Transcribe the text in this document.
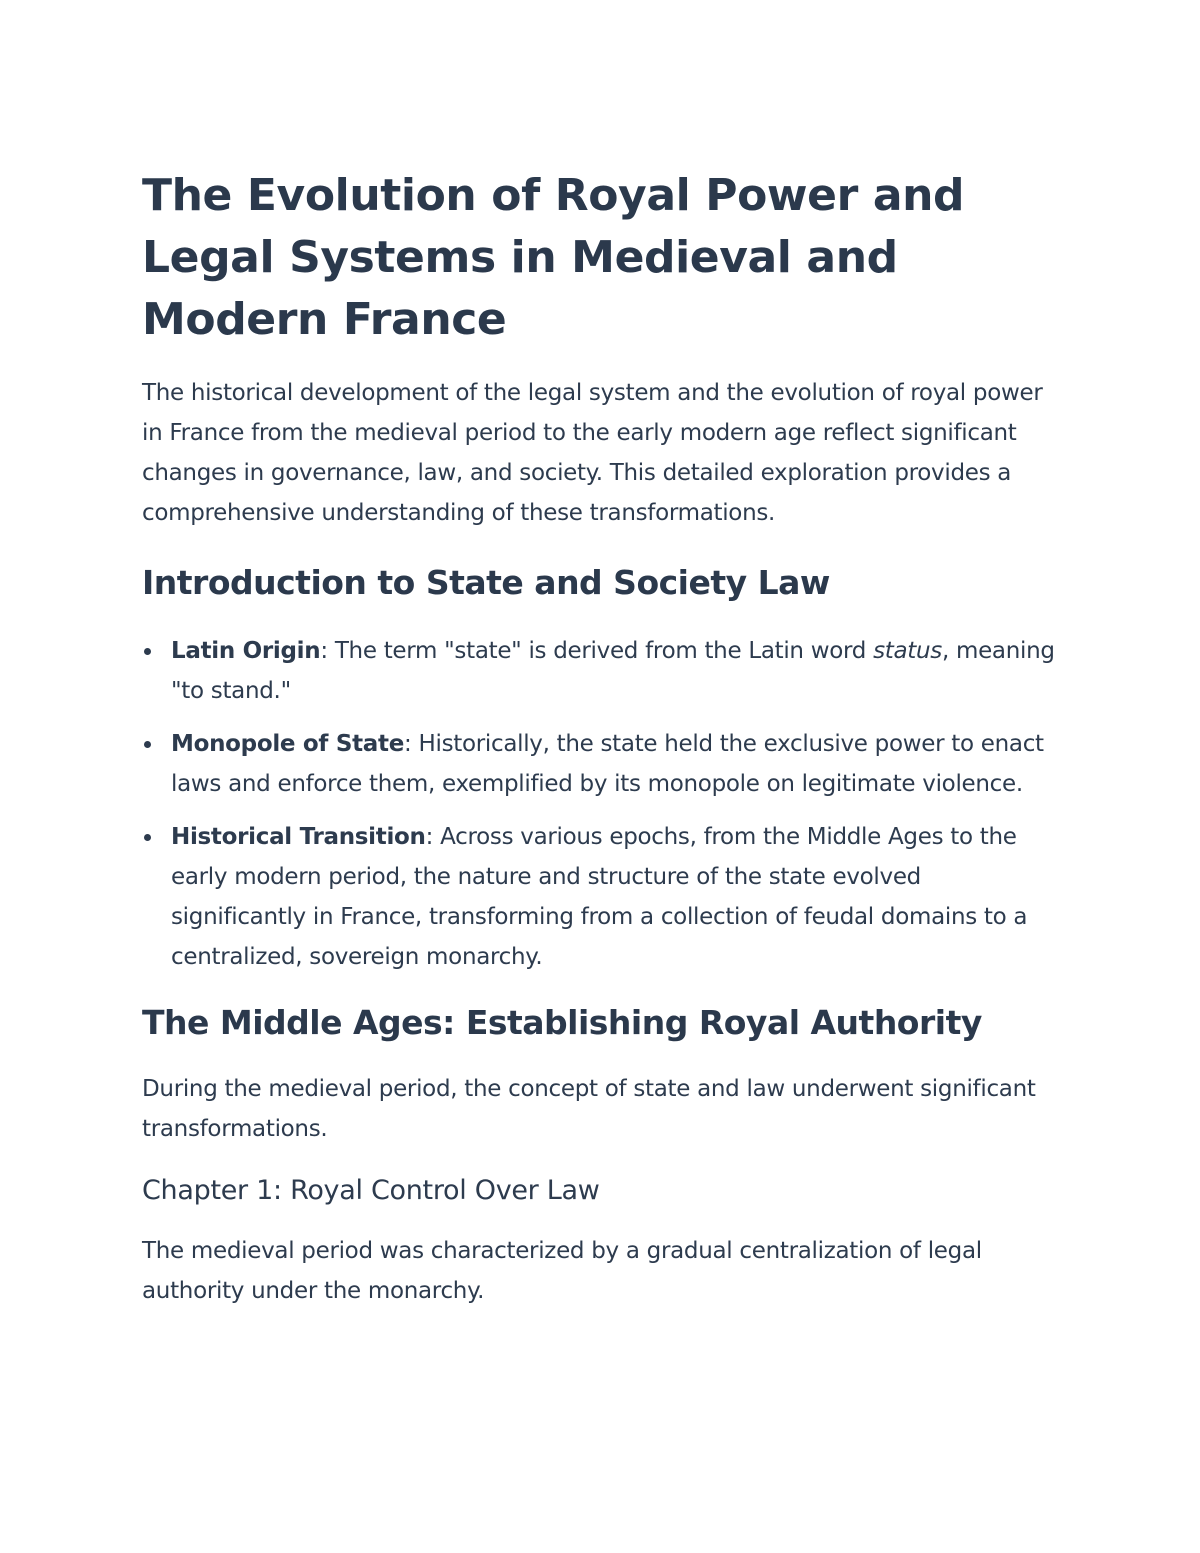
The Evolution of Royal Power and Legal Systems in Medieval and Modern France

The historical development of the legal system and the evolution of royal power in France from the medieval period to the early modern age reflect significant changes in governance, law, and society. This detailed exploration provides a comprehensive understanding of these transformations.

Introduction to State and Society Law
Latin Origin: The term "state" is derived from the Latin word status, meaning "to stand."
Monopole of State: Historically, the state held the exclusive power to enact laws and enforce them, exemplified by its monopole on legitimate violence.
Historical Transition: Across various epochs, from the Middle Ages to the early modern period, the nature and structure of the state evolved significantly in France, transforming from a collection of feudal domains to a centralized, sovereign monarchy.
The Middle Ages: Establishing Royal Authority

During the medieval period, the concept of state and law underwent significant transformations.

Chapter 1: Royal Control Over Law

The medieval period was characterized by a gradual centralization of legal authority under the monarchy.
